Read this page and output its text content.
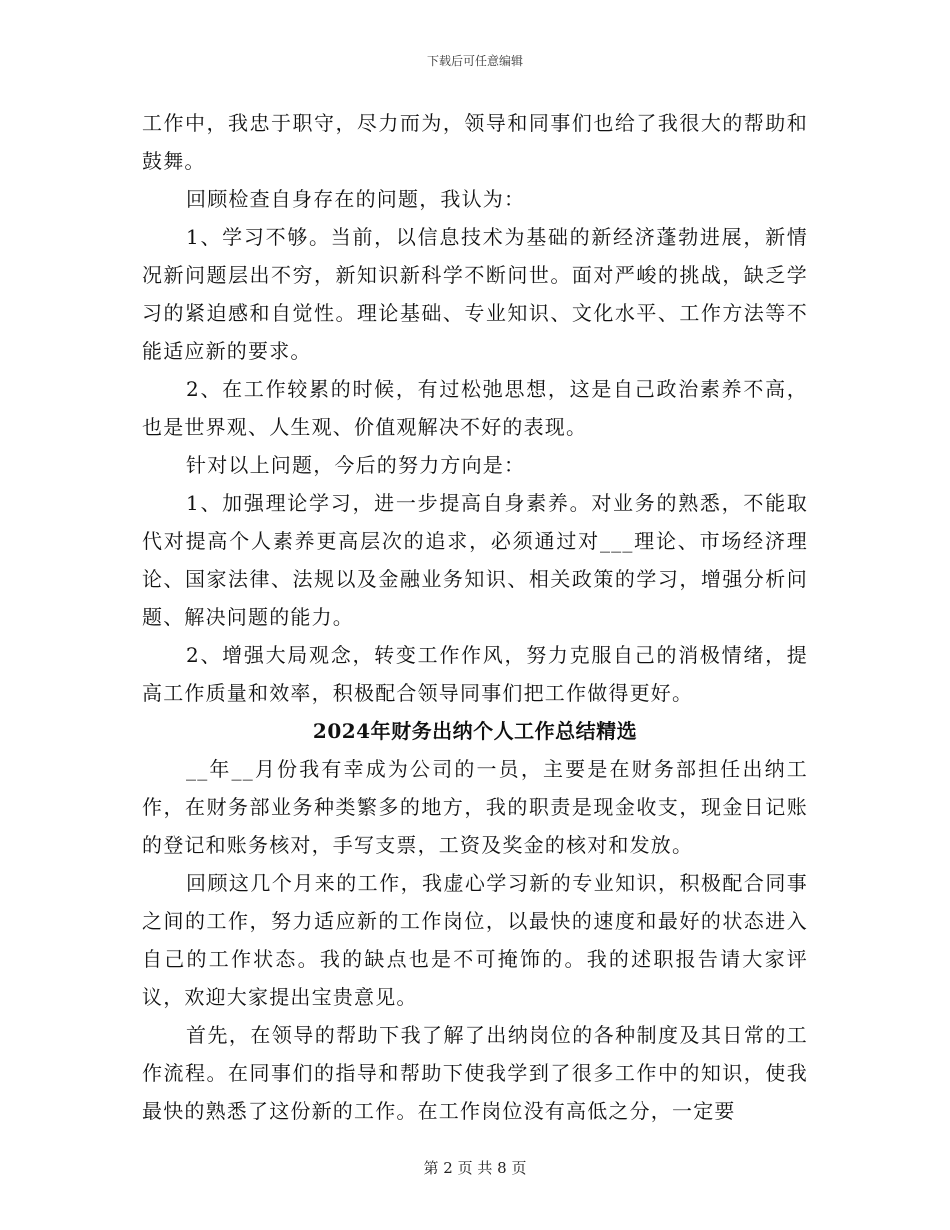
下载后可任意编辑

工作中，我忠于职守，尽力而为，领导和同事们也给了我很大的帮助和鼓舞。

回顾检查自身存在的问题，我认为：

1、学习不够。当前，以信息技术为基础的新经济蓬勃进展，新情况新问题层出不穷，新知识新科学不断问世。面对严峻的挑战，缺乏学习的紧迫感和自觉性。理论基础、专业知识、文化水平、工作方法等不能适应新的要求。

2、在工作较累的时候，有过松弛思想，这是自己政治素养不高，也是世界观、人生观、价值观解决不好的表现。

针对以上问题，今后的努力方向是：

1、加强理论学习，进一步提高自身素养。对业务的熟悉，不能取代对提高个人素养更高层次的追求，必须通过对___理论、市场经济理论、国家法律、法规以及金融业务知识、相关政策的学习，增强分析问题、解决问题的能力。

2、增强大局观念，转变工作作风，努力克服自己的消极情绪，提高工作质量和效率，积极配合领导同事们把工作做得更好。

2024年财务出纳个人工作总结精选

__年__月份我有幸成为公司的一员，主要是在财务部担任出纳工作，在财务部业务种类繁多的地方，我的职责是现金收支，现金日记账的登记和账务核对，手写支票，工资及奖金的核对和发放。

回顾这几个月来的工作，我虚心学习新的专业知识，积极配合同事之间的工作，努力适应新的工作岗位，以最快的速度和最好的状态进入自己的工作状态。我的缺点也是不可掩饰的。我的述职报告请大家评议，欢迎大家提出宝贵意见。

首先，在领导的帮助下我了解了出纳岗位的各种制度及其日常的工作流程。在同事们的指导和帮助下使我学到了很多工作中的知识，使我最快的熟悉了这份新的工作。在工作岗位没有高低之分，一定要

第 2 页 共 8 页
